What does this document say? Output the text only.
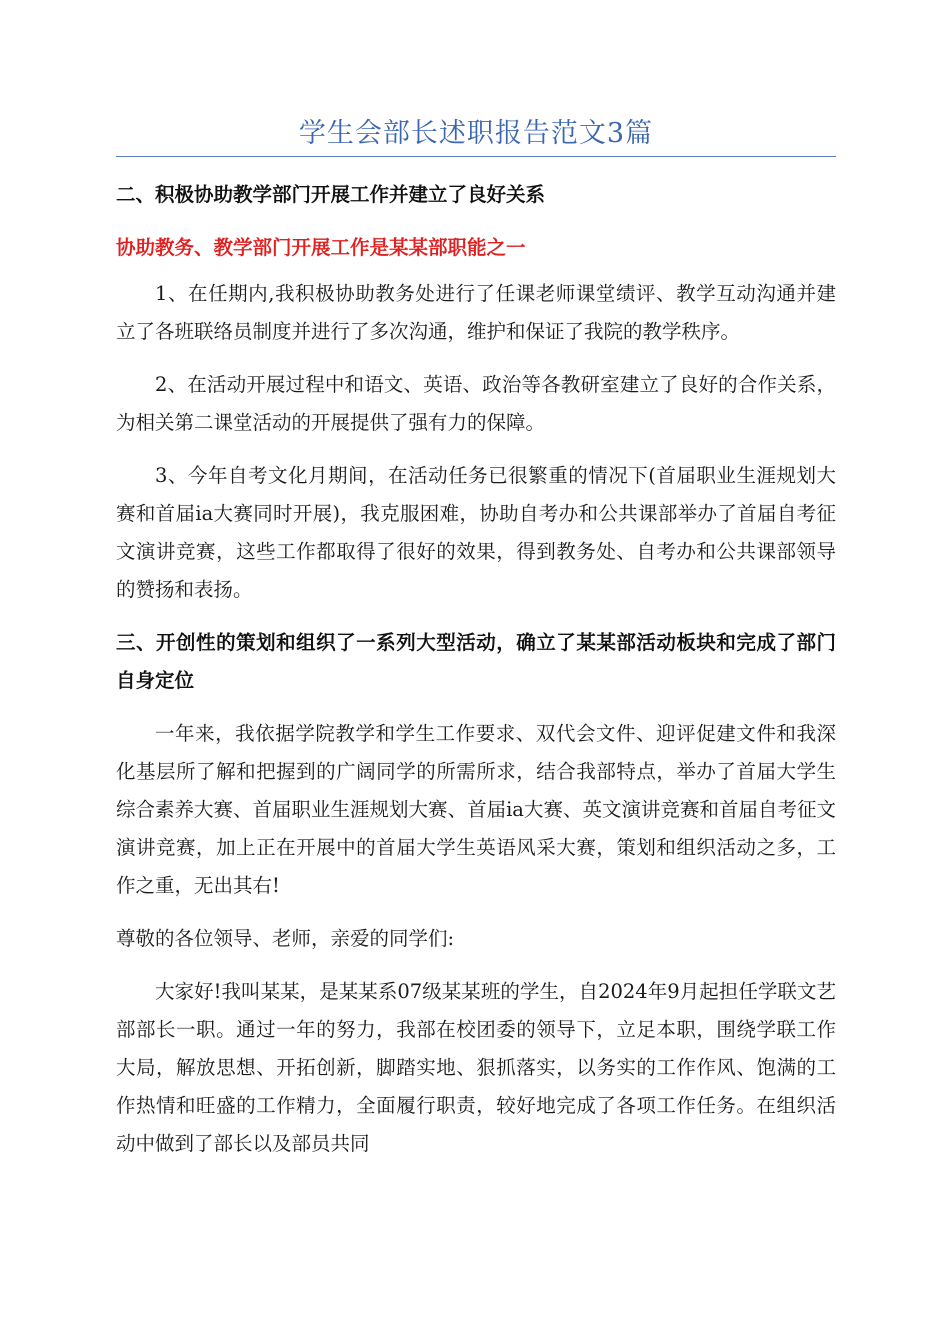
学生会部长述职报告范文3篇

二、积极协助教学部门开展工作并建立了良好关系

协助教务、教学部门开展工作是某某部职能之一

1、在任期内,我积极协助教务处进行了任课老师课堂绩评、教学互动沟通并建立了各班联络员制度并进行了多次沟通，维护和保证了我院的教学秩序。

2、在活动开展过程中和语文、英语、政治等各教研室建立了良好的合作关系，为相关第二课堂活动的开展提供了强有力的保障。

3、今年自考文化月期间，在活动任务已很繁重的情况下(首届职业生涯规划大赛和首届ia大赛同时开展)，我克服困难，协助自考办和公共课部举办了首届自考征文演讲竞赛，这些工作都取得了很好的效果，得到教务处、自考办和公共课部领导的赞扬和表扬。

三、开创性的策划和组织了一系列大型活动，确立了某某部活动板块和完成了部门自身定位

一年来，我依据学院教学和学生工作要求、双代会文件、迎评促建文件和我深化基层所了解和把握到的广阔同学的所需所求，结合我部特点，举办了首届大学生综合素养大赛、首届职业生涯规划大赛、首届ia大赛、英文演讲竞赛和首届自考征文演讲竞赛，加上正在开展中的首届大学生英语风采大赛，策划和组织活动之多，工作之重，无出其右!

尊敬的各位领导、老师，亲爱的同学们:

大家好!我叫某某，是某某系07级某某班的学生，自2024年9月起担任学联文艺部部长一职。通过一年的努力，我部在校团委的领导下，立足本职，围绕学联工作大局，解放思想、开拓创新，脚踏实地、狠抓落实，以务实的工作作风、饱满的工作热情和旺盛的工作精力，全面履行职责，较好地完成了各项工作任务。在组织活动中做到了部长以及部员共同
